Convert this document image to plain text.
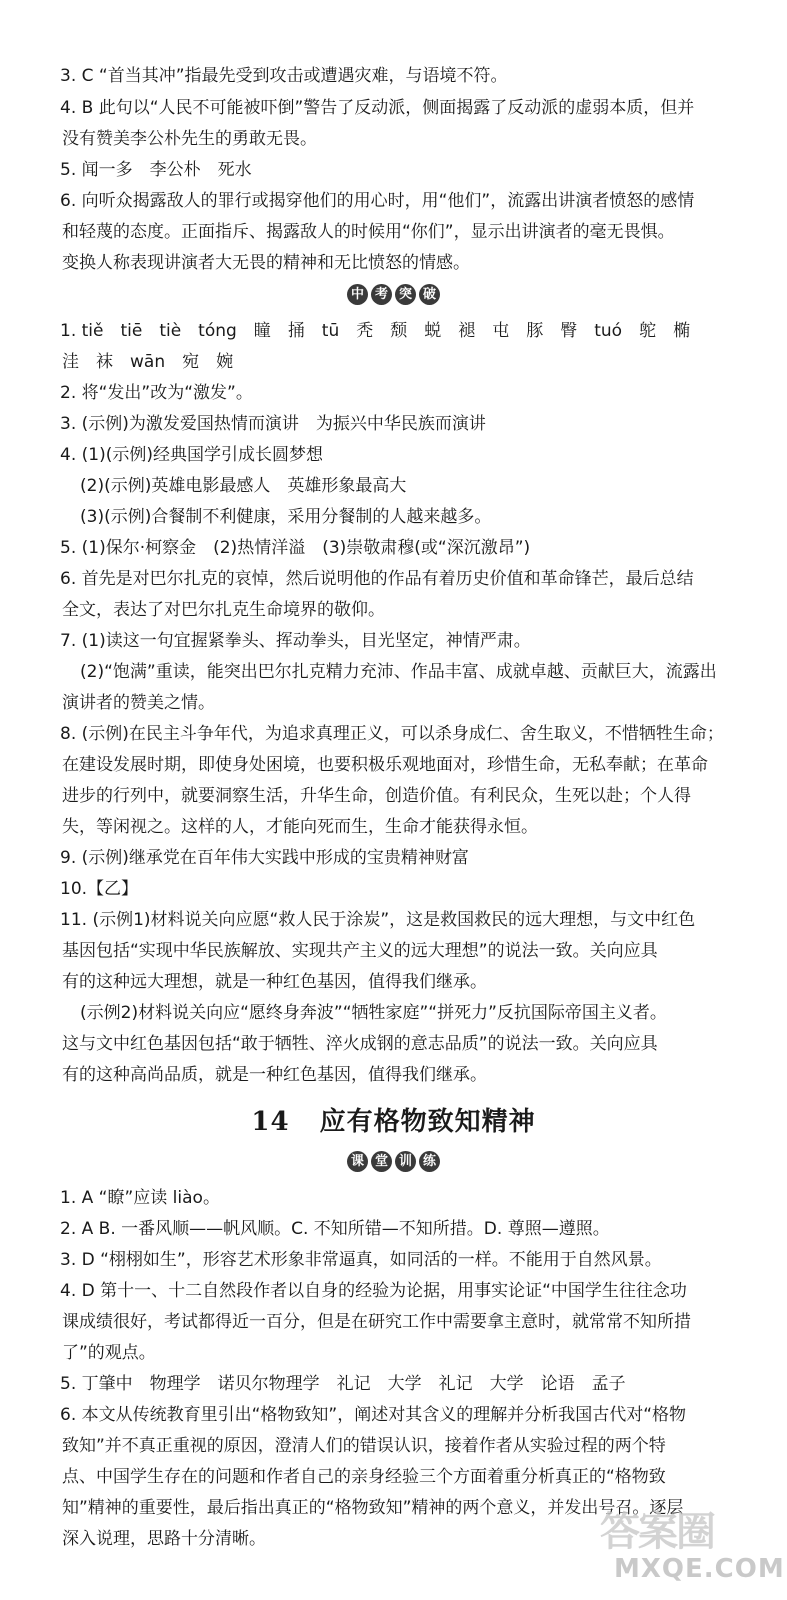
3. C “首当其冲”指最先受到攻击或遭遇灾难，与语境不符。
4. B 此句以“人民不可能被吓倒”警告了反动派，侧面揭露了反动派的虚弱本质，但并
没有赞美李公朴先生的勇敢无畏。
5. 闻一多　李公朴　死水
6. 向听众揭露敌人的罪行或揭穿他们的用心时，用“他们”，流露出讲演者愤怒的感情
和轻蔑的态度。正面指斥、揭露敌人的时候用“你们”，显示出讲演者的毫无畏惧。
变换人称表现讲演者大无畏的精神和无比愤怒的情感。
中 考 突 破
1. tiě　tiē　tiè　tóng　瞳　捅　tū　秃　颓　蜕　褪　屯　豚　臀　tuó　鸵　椭
洼　袜　wān　宛　婉
2. 将“发出”改为“激发”。
3. (示例)为激发爱国热情而演讲　为振兴中华民族而演讲
4. (1)(示例)经典国学引成长圆梦想
(2)(示例)英雄电影最感人　英雄形象最高大
(3)(示例)合餐制不利健康，采用分餐制的人越来越多。
5. (1)保尔·柯察金　(2)热情洋溢　(3)崇敬肃穆(或“深沉激昂”)
6. 首先是对巴尔扎克的哀悼，然后说明他的作品有着历史价值和革命锋芒，最后总结
全文，表达了对巴尔扎克生命境界的敬仰。
7. (1)读这一句宜握紧拳头、挥动拳头，目光坚定，神情严肃。
(2)“饱满”重读，能突出巴尔扎克精力充沛、作品丰富、成就卓越、贡献巨大，流露出
演讲者的赞美之情。
8. (示例)在民主斗争年代，为追求真理正义，可以杀身成仁、舍生取义，不惜牺牲生命；
在建设发展时期，即使身处困境，也要积极乐观地面对，珍惜生命，无私奉献；在革命
进步的行列中，就要洞察生活，升华生命，创造价值。有利民众，生死以赴；个人得
失，等闲视之。这样的人，才能向死而生，生命才能获得永恒。
9. (示例)继承党在百年伟大实践中形成的宝贵精神财富
10.【乙】
11. (示例1)材料说关向应愿“救人民于涂炭”，这是救国救民的远大理想，与文中红色
基因包括“实现中华民族解放、实现共产主义的远大理想”的说法一致。关向应具
有的这种远大理想，就是一种红色基因，值得我们继承。
(示例2)材料说关向应“愿终身奔波”“牺牲家庭”“拼死力”反抗国际帝国主义者。
这与文中红色基因包括“敢于牺牲、淬火成钢的意志品质”的说法一致。关向应具
有的这种高尚品质，就是一种红色基因，值得我们继承。
14 应有格物致知精神
课 堂 训 练
1. A “瞭”应读 liào。
2. A B. 一番风顺——帆风顺。C. 不知所错—不知所措。D. 尊照—遵照。
3. D “栩栩如生”，形容艺术形象非常逼真，如同活的一样。不能用于自然风景。
4. D 第十一、十二自然段作者以自身的经验为论据，用事实论证“中国学生往往念功
课成绩很好，考试都得近一百分，但是在研究工作中需要拿主意时，就常常不知所措
了”的观点。
5. 丁肇中　物理学　诺贝尔物理学　礼记　大学　礼记　大学　论语　孟子
6. 本文从传统教育里引出“格物致知”，阐述对其含义的理解并分析我国古代对“格物
致知”并不真正重视的原因，澄清人们的错误认识，接着作者从实验过程的两个特
点、中国学生存在的问题和作者自己的亲身经验三个方面着重分析真正的“格物致
知”精神的重要性，最后指出真正的“格物致知”精神的两个意义，并发出号召。逐层
深入说理，思路十分清晰。	答案圈
MXQE.COM
